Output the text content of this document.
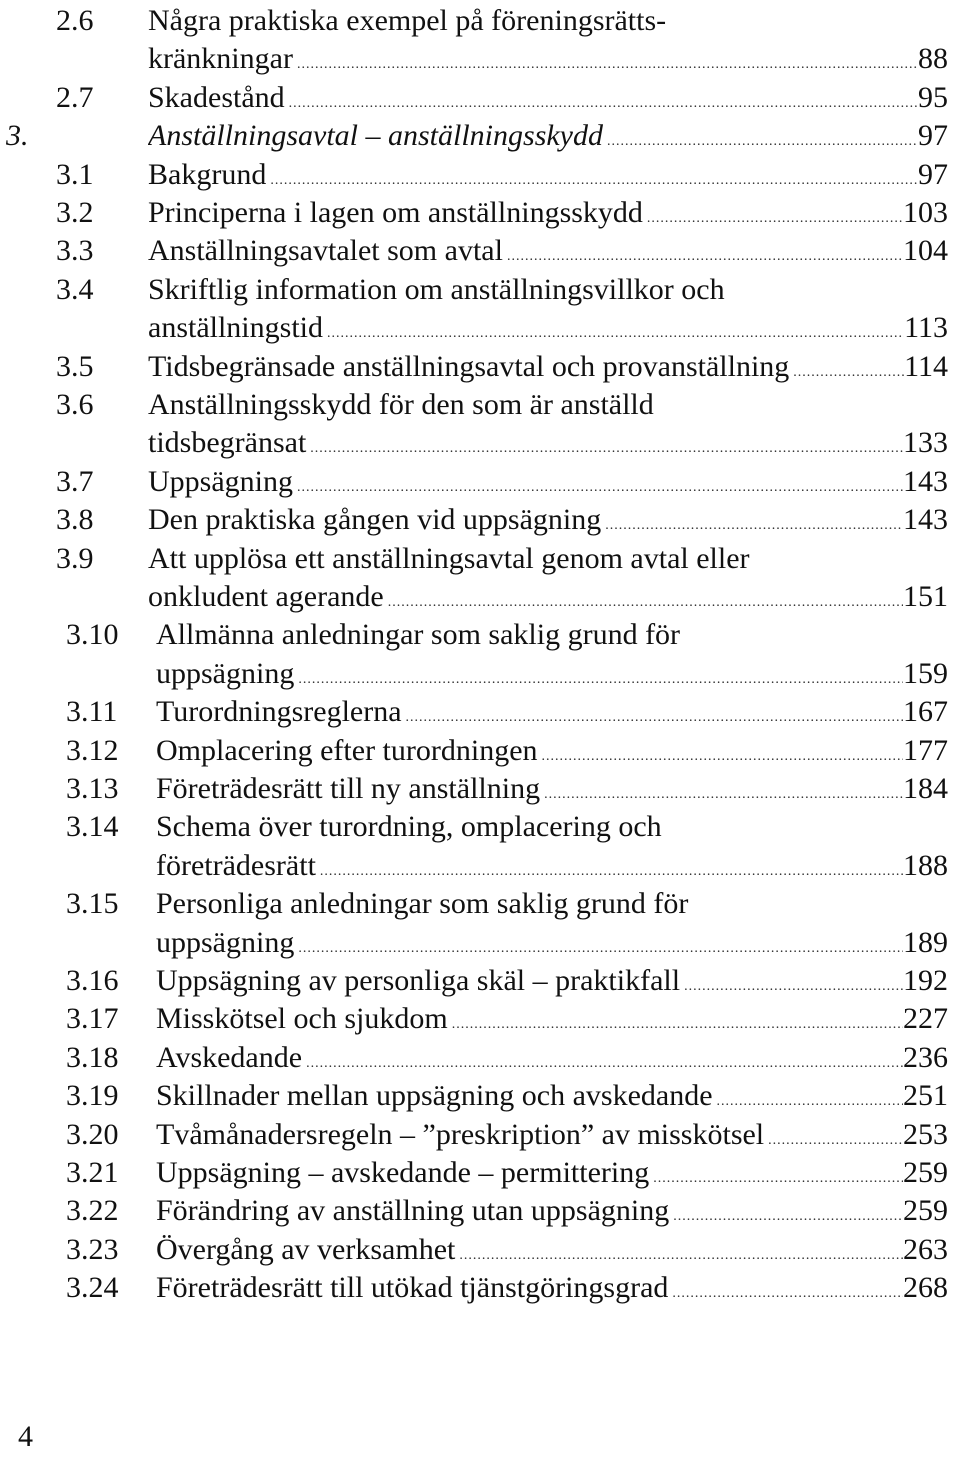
2.6	Några praktiska exempel på föreningsrätts-
kränkningar .....	88
2.7	Skadestånd .....	95
3.	Anställningsavtal – anställningsskydd .....	97
3.1	Bakgrund .....	97
3.2	Principerna i lagen om anställningsskydd .....	103
3.3	Anställningsavtalet som avtal .....	104
3.4	Skriftlig information om anställningsvillkor och
anställningstid .....	113
3.5	Tidsbegränsade anställningsavtal och provanställning .....	114
3.6	Anställningsskydd för den som är anställd
tidsbegränsat .....	133
3.7	Uppsägning .....	143
3.8	Den praktiska gången vid uppsägning .....	143
3.9	Att upplösa ett anställningsavtal genom avtal eller
onkludent agerande .....	151
3.10	Allmänna anledningar som saklig grund för
uppsägning .....	159
3.11	Turordningsreglerna .....	167
3.12	Omplacering efter turordningen .....	177
3.13	Företrädesrätt till ny anställning .....	184
3.14	Schema över turordning, omplacering och
företrädesrätt .....	188
3.15	Personliga anledningar som saklig grund för
uppsägning .....	189
3.16	Uppsägning av personliga skäl – praktikfall .....	192
3.17	Misskötsel och sjukdom .....	227
3.18	Avskedande .....	236
3.19	Skillnader mellan uppsägning och avskedande .....	251
3.20	Tvåmånadersregeln – ”preskription” av misskötsel .....	253
3.21	Uppsägning – avskedande – permittering .....	259
3.22	Förändring av anställning utan uppsägning .....	259
3.23	Övergång av verksamhet .....	263
3.24	Företrädesrätt till utökad tjänstgöringsgrad .....	268
4
